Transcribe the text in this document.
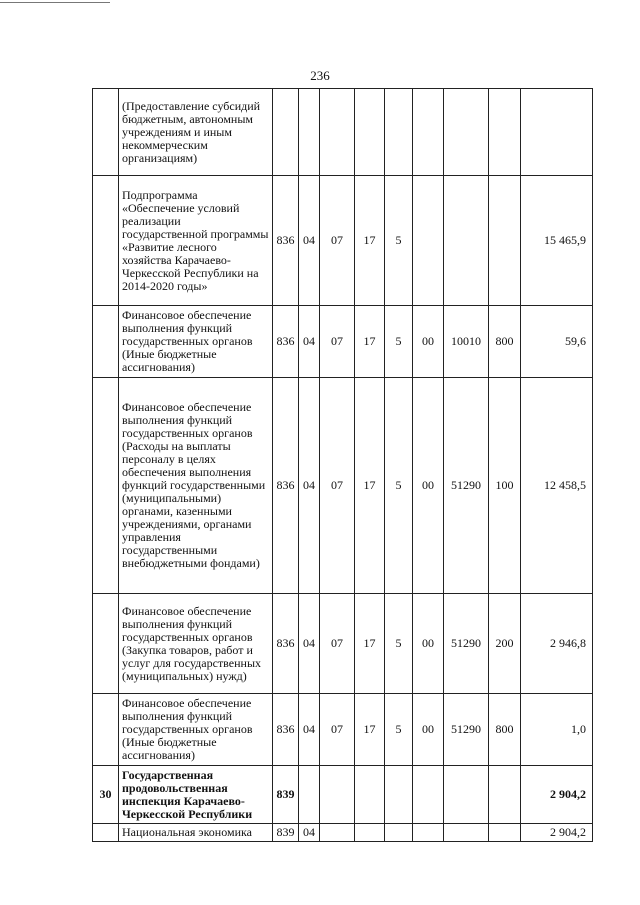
236
	(Предоставление субсидий бюджетным, автономным учреждениям и иным некоммерческим организациям)									
	Подпрограмма «Обеспечение условий реализации государственной программы «Развитие лесного хозяйства Карачаево-Черкесской Республики на 2014-2020 годы»	836	04	07	17	5				15 465,9
	Финансовое обеспечение выполнения функций государственных органов (Иные бюджетные ассигнования)	836	04	07	17	5	00	10010	800	59,6
	Финансовое обеспечение выполнения функций государственных органов (Расходы на выплаты персоналу в целях обеспечения выполнения функций государственными (муниципальными) органами, казенными учреждениями, органами управления государственными внебюджетными фондами)	836	04	07	17	5	00	51290	100	12 458,5
	Финансовое обеспечение выполнения функций государственных органов (Закупка товаров, работ и услуг для государственных (муниципальных) нужд)	836	04	07	17	5	00	51290	200	2 946,8
	Финансовое обеспечение выполнения функций государственных органов (Иные бюджетные ассигнования)	836	04	07	17	5	00	51290	800	1,0
30	Государственная продовольственная инспекция Карачаево-Черкесской Республики	839								2 904,2
	Национальная экономика	839	04							2 904,2
